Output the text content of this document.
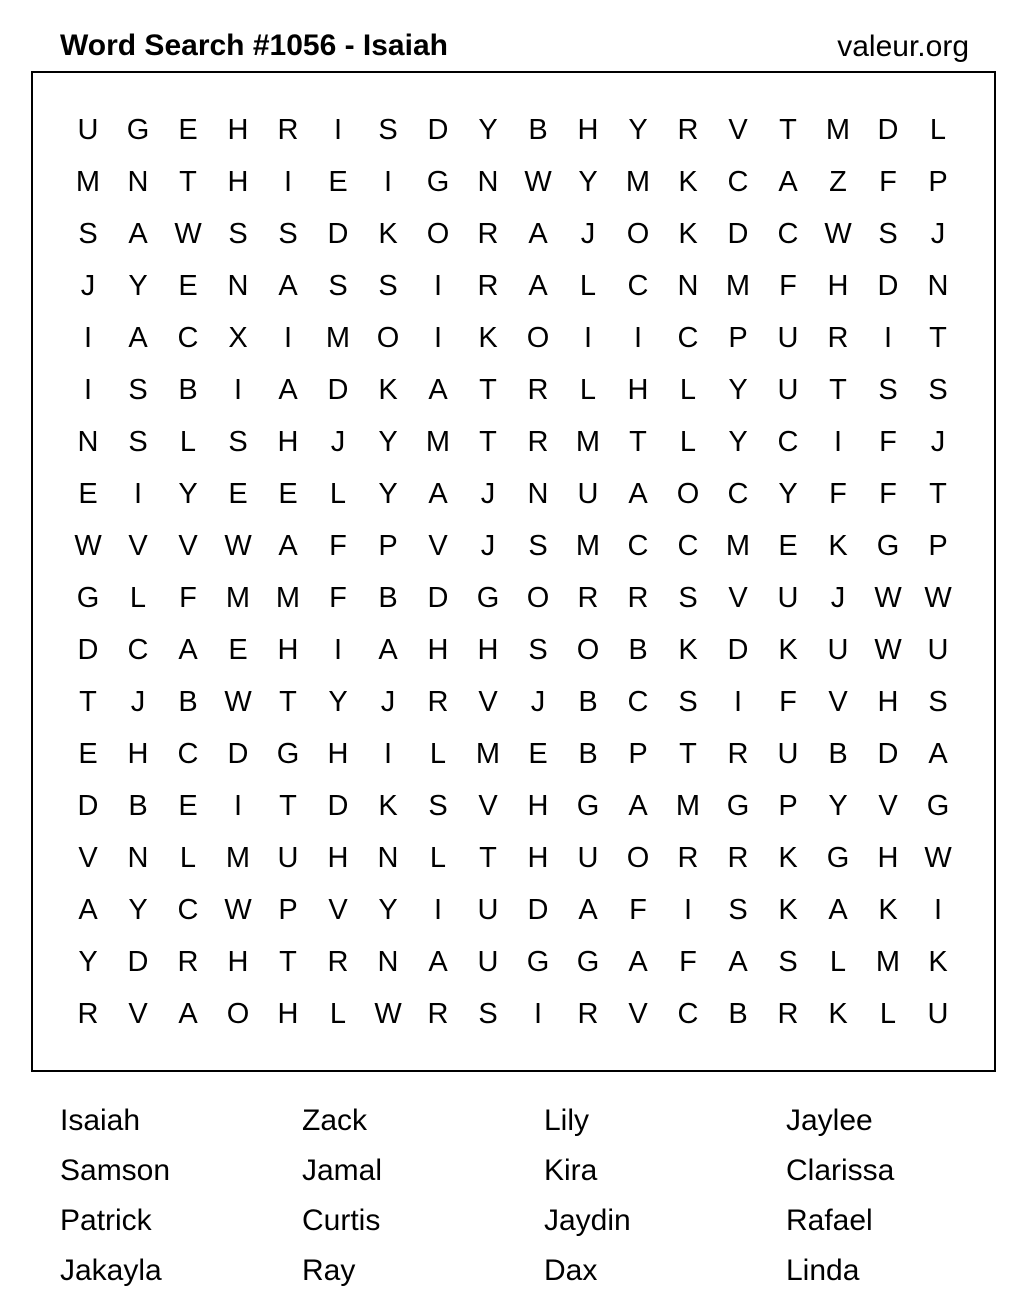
Word Search #1056 - Isaiah	valeur.org
U G	E	H	R	I	S	D	Y	B	H	Y	R	V	T	M D	L
M N	T	H	I	E	I	G N W Y M K	C	A	Z	F	P
S	A W S	S	D	K	O R	A	J	O	K	D	C W S	J
J	Y	E	N	A	S	S	I	R	A	L	C	N M	F	H	D	N
I	A	C	X	I	M O	I	K	O	I	I	C	P	U	R	I	T
I	S	B	I	A	D	K	A	T	R	L	H	L	Y	U	T	S	S
N	S	L	S	H	J	Y M	T	R M	T	L	Y	C	I	F	J
E	I	Y	E	E	L	Y	A	J	N	U	A	O C	Y	F	F	T
W V	V W A	F	P	V	J	S M C	C M E	K	G	P
G	L	F	M M	F	B	D G O R	R	S	V	U	J	W W
D	C	A	E	H	I	A	H	H	S	O	B	K	D	K	U W U
T	J	B W T	Y	J	R	V	J	B	C	S	I	F	V	H	S
E	H	C	D G H	I	L	M E	B	P	T	R	U	B	D	A
D	B	E	I	T	D	K	S	V	H G	A M G	P	Y	V	G
V	N	L	M U	H	N	L	T	H	U O R	R	K	G H W
A	Y	C W P	V	Y	I	U	D	A	F	I	S	K	A	K	I
Y	D	R	H	T	R	N	A	U G G	A	F	A	S	L	M K
R	V	A	O H	L W R	S	I	R	V	C	B	R	K	L	U
Isaiah	Zack	Lily	Jaylee
Samson	Jamal	Kira	Clarissa
Patrick	Curtis	Jaydin	Rafael
Jakayla	Ray	Dax	Linda
